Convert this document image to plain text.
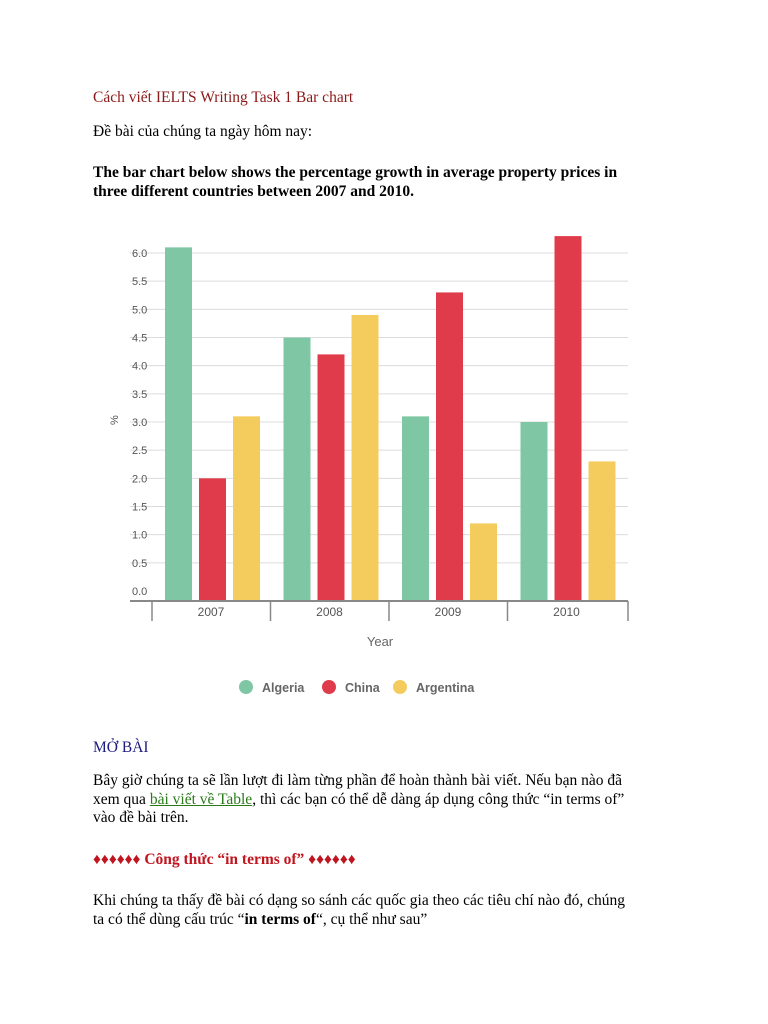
Cách viết IELTS Writing Task 1 Bar chart
Đề bài của chúng ta ngày hôm nay:
The bar chart below shows the percentage growth in average property prices in
three different countries between 2007 and 2010.
0.0
0.5
1.0
1.5
2.0
2.5
3.0
3.5
4.0
4.5
5.0
5.5
6.0
%
2007	2008	2009	2010
Year
Algeria	China	Argentina
MỞ BÀI
Bây giờ chúng ta sẽ lần lượt đi làm từng phần để hoàn thành bài viết. Nếu bạn nào đã
xem qua bài viết về Table, thì các bạn có thể dễ dàng áp dụng công thức “in terms of”
vào đề bài trên.
♦♦♦♦♦♦ Công thức “in terms of” ♦♦♦♦♦♦
Khi chúng ta thấy đề bài có dạng so sánh các quốc gia theo các tiêu chí nào đó, chúng
ta có thể dùng cấu trúc “in terms of“, cụ thể như sau”
